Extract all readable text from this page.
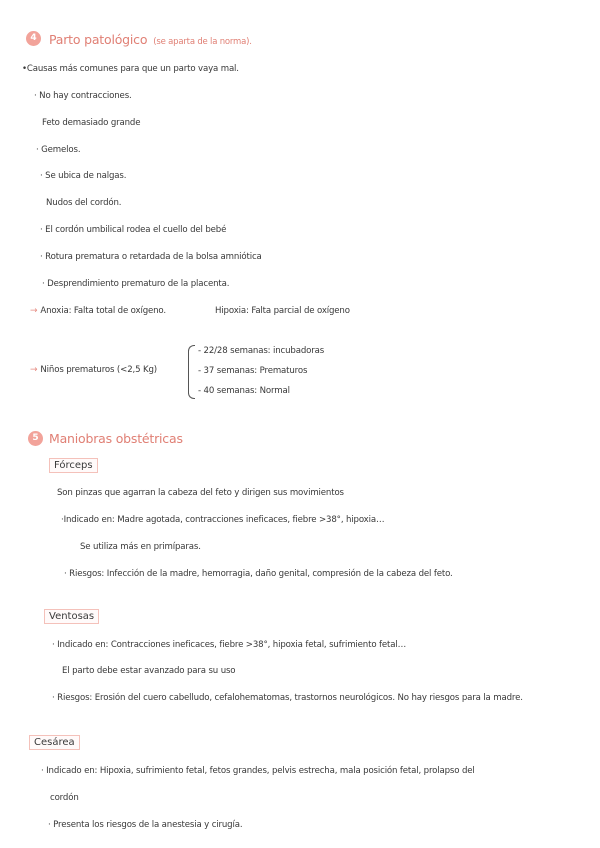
4 Parto patológico (se aparta de la norma).
•Causas más comunes para que un parto vaya mal.
· No hay contracciones.
Feto demasiado grande
· Gemelos.
· Se ubica de nalgas.
Nudos del cordón.
· El cordón umbilical rodea el cuello del bebé
· Rotura prematura o retardada de la bolsa amniótica
· Desprendimiento prematuro de la placenta.
→ Anoxia: Falta total de oxígeno.	Hipoxia: Falta parcial de oxígeno
→ Niños prematuros (<2,5 Kg)
- 22/28 semanas: incubadoras
- 37 semanas: Prematuros
- 40 semanas: Normal
5 Maniobras obstétricas
Fórceps
Son pinzas que agarran la cabeza del feto y dirigen sus movimientos
·Indicado en: Madre agotada, contracciones ineficaces, fiebre >38°, hipoxia…
Se utiliza más en primíparas.
· Riesgos: Infección de la madre, hemorragia, daño genital, compresión de la cabeza del feto.
Ventosas
· Indicado en: Contracciones ineficaces, fiebre >38°, hipoxia fetal, sufrimiento fetal…
El parto debe estar avanzado para su uso
· Riesgos: Erosión del cuero cabelludo, cefalohematomas, trastornos neurológicos. No hay riesgos para la madre.
Cesárea
· Indicado en: Hipoxia, sufrimiento fetal, fetos grandes, pelvis estrecha, mala posición fetal, prolapso del
cordón
· Presenta los riesgos de la anestesia y cirugía.
